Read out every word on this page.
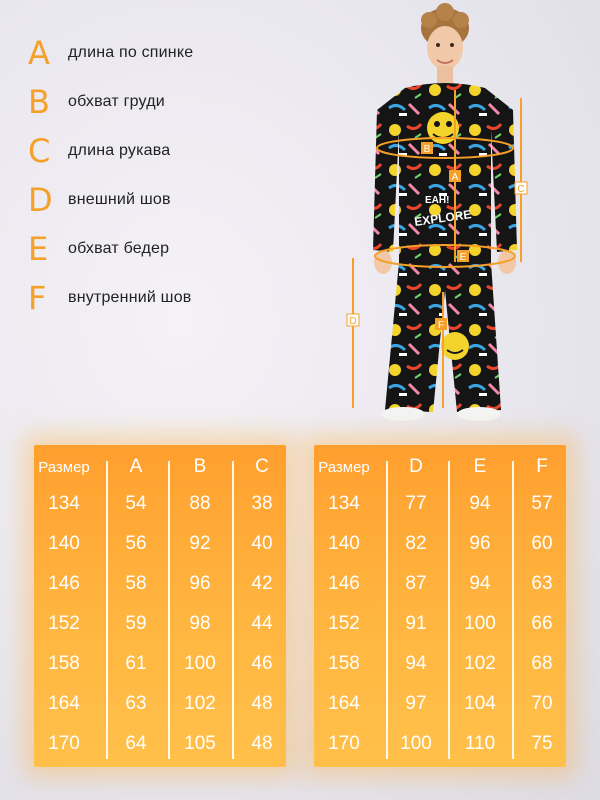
A	длина по спинке
B	обхват груди
C	длина рукава
D внешний шов
E	обхват бедер
F	внутренний шов
EAH!
EXPLORE
A
B
C
D
E
F
Размер A	B	C
134 54 88 38
140 56 92 40
146 58 96 42
152 59 98 44
158 61 100 46
164 63 102 48
170 64 105 48
Размер D	E	F
134 77 94 57
140 82 96 60
146 87 94 63
152 91 100 66
158 94 102 68
164 97 104 70
170 100 110 75
